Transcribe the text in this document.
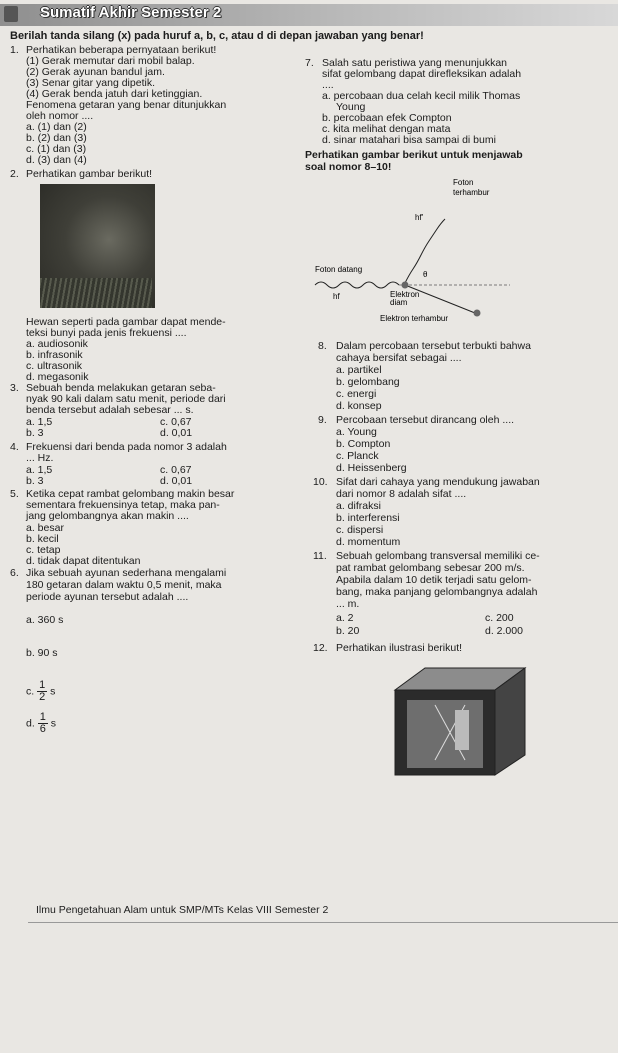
Sumatif Akhir Semester 2
Berilah tanda silang (x) pada huruf a, b, c, atau d di depan jawaban yang benar!
1. Perhatikan beberapa pernyataan berikut!
(1) Gerak memutar dari mobil balap.
(2) Gerak ayunan bandul jam.
(3) Senar gitar yang dipetik.
(4) Gerak benda jatuh dari ketinggian.
Fenomena getaran yang benar ditunjukkan
oleh nomor ....
a. (1) dan (2)
b. (2) dan (3)
c. (1) dan (3)
d. (3) dan (4)
2. Perhatikan gambar berikut!
Hewan seperti pada gambar dapat mende-
teksi bunyi pada jenis frekuensi ....
a. audiosonik
b. infrasonik
c. ultrasonik
d. megasonik
3. Sebuah benda melakukan getaran seba-
nyak 90 kali dalam satu menit, periode dari
benda tersebut adalah sebesar ... s.
a. 1,5
b. 3
c. 0,67
d. 0,01
4. Frekuensi dari benda pada nomor 3 adalah
... Hz.
a. 1,5
b. 3
c. 0,67
d. 0,01
5. Ketika cepat rambat gelombang makin besar
sementara frekuensinya tetap, maka pan-
jang gelombangnya akan makin ....
a. besar
b. kecil
c. tetap
d. tidak dapat ditentukan
6. Jika sebuah ayunan sederhana mengalami
180 getaran dalam waktu 0,5 menit, maka
periode ayunan tersebut adalah ....
a. 360 s
b. 90 s
c. $\frac{1}{2}$ s
d. $\frac{1}{6}$ s
7. Salah satu peristiwa yang menunjukkan
sifat gelombang dapat direfleksikan adalah
....
a. percobaan dua celah kecil milik Thomas
Young
b. percobaan efek Compton
c. kita melihat dengan mata
d. sinar matahari bisa sampai di bumi
Perhatikan gambar berikut untuk menjawab
soal nomor 8–10!
Foton
terhambur
hf'
Foton datang
θ
hf	Elektron
diam
Elektron terhambur
8. Dalam percobaan tersebut terbukti bahwa
cahaya bersifat sebagai ....
a. partikel
b. gelombang
c. energi
d. konsep
9. Percobaan tersebut dirancang oleh ....
a. Young
b. Compton
c. Planck
d. Heissenberg
10. Sifat dari cahaya yang mendukung jawaban
dari nomor 8 adalah sifat ....
a. difraksi
b. interferensi
c. dispersi
d. momentum
11. Sebuah gelombang transversal memiliki ce-
pat rambat gelombang sebesar 200 m/s.
Apabila dalam 10 detik terjadi satu gelom-
bang, maka panjang gelombangnya adalah
... m.
a. 2
b. 20
c. 200
d. 2.000
12. Perhatikan ilustrasi berikut!
Ilmu Pengetahuan Alam untuk SMP/MTs Kelas VIII Semester 2
